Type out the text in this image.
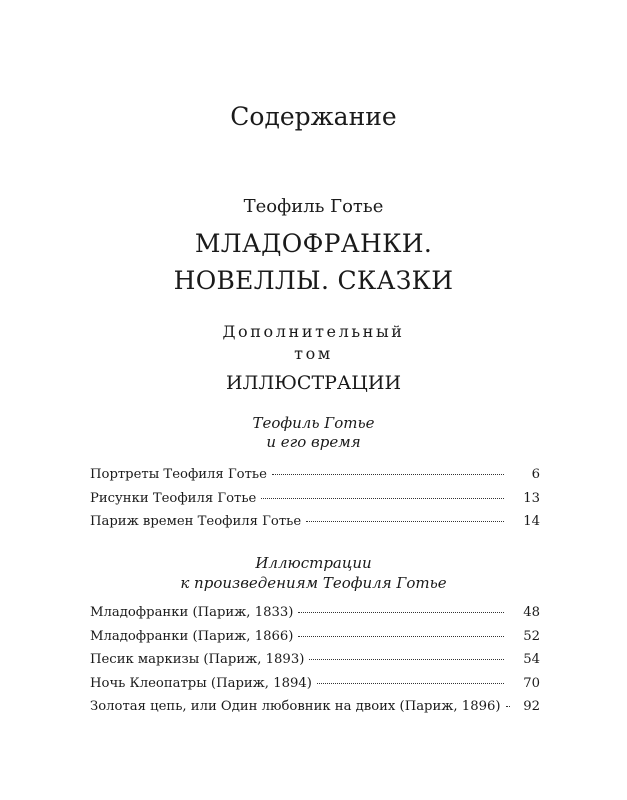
Содержание
Теофиль Готье
МЛАДОФРАНКИ.
НОВЕЛЛЫ. СКАЗКИ
Дополнительный
том
ИЛЛЮСТРАЦИИ
Теофиль Готье
и его время
Портреты Теофиля Готье	6
Рисунки Теофиля Готье	13
Париж времен Теофиля Готье	14
Иллюстрации
к произведениям Теофиля Готье
Младофранки (Париж, 1833)	48
Младофранки (Париж, 1866)	52
Песик маркизы (Париж, 1893)	54
Ночь Клеопатры (Париж, 1894)	70
Золотая цепь, или Один любовник на двоих (Париж, 1896)	92
